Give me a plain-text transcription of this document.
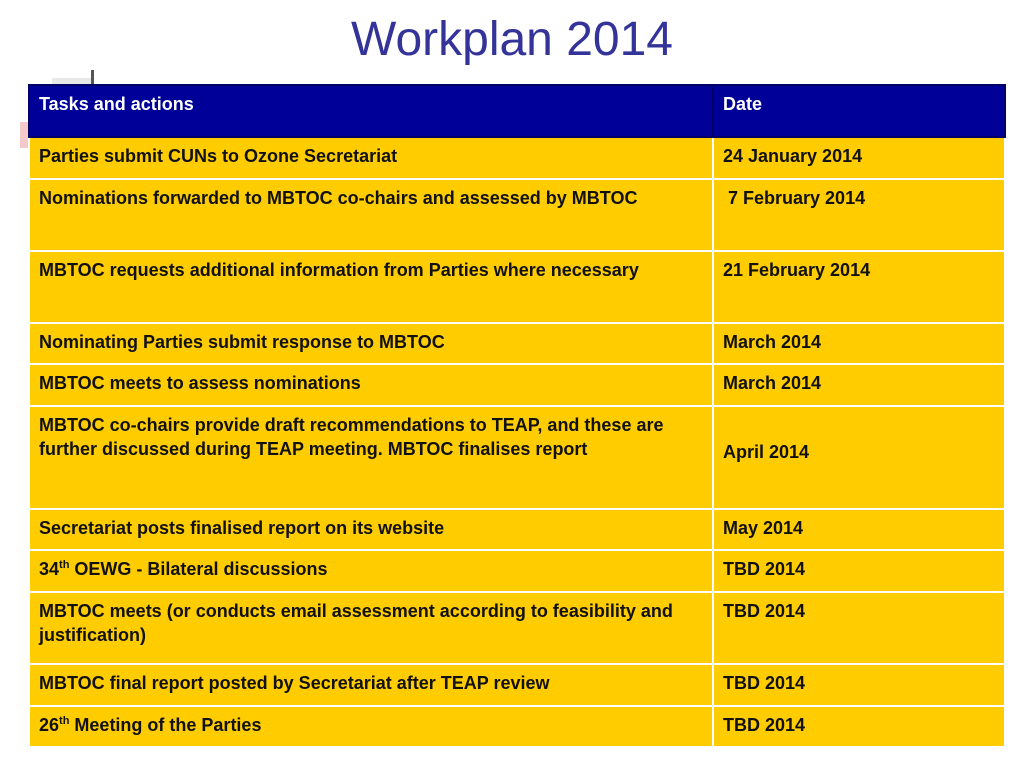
Workplan 2014
Tasks and actions	Date
Parties submit CUNs to Ozone Secretariat	24 January 2014
Nominations forwarded to MBTOC co-chairs and assessed by MBTOC	7 February 2014
MBTOC requests additional information from Parties where necessary	21 February 2014
Nominating Parties submit response to MBTOC	March 2014
MBTOC meets to assess nominations	March 2014
MBTOC co-chairs provide draft recommendations to TEAP, and these are further discussed during TEAP meeting. MBTOC finalises report	April 2014
Secretariat posts finalised report on its website	May 2014
34th OEWG - Bilateral discussions	TBD 2014
MBTOC meets (or conducts email assessment according to feasibility and justification)	TBD 2014
MBTOC final report posted by Secretariat after TEAP review	TBD 2014
26th Meeting of the Parties	TBD 2014
